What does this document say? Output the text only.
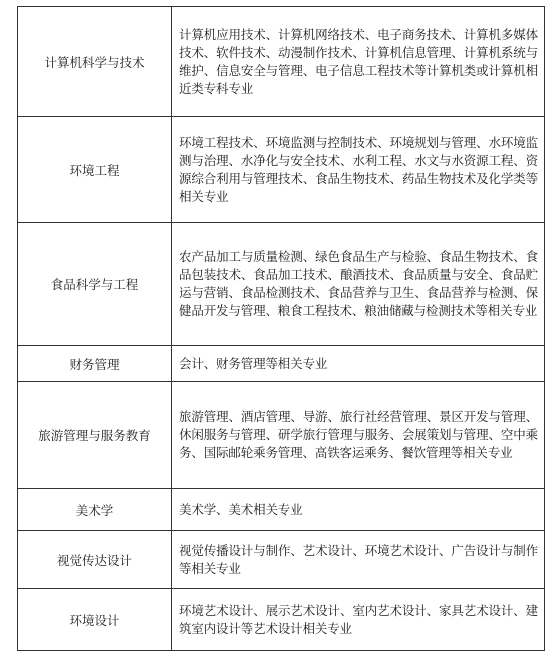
计算机科学与技术	计算机应用技术、计算机网络技术、电子商务技术、计算机多媒体技术、软件技术、动漫制作技术、计算机信息管理、计算机系统与维护、信息安全与管理、电子信息工程技术等计算机类或计算机相近类专科专业
环境工程	环境工程技术、环境监测与控制技术、环境规划与管理、水环境监测与治理、水净化与安全技术、水利工程、水文与水资源工程、资源综合利用与管理技术、食品生物技术、药品生物技术及化学类等相关专业
食品科学与工程	农产品加工与质量检测、绿色食品生产与检验、食品生物技术、食品包装技术、食品加工技术、酿酒技术、食品质量与安全、食品贮运与营销、食品检测技术、食品营养与卫生、食品营养与检测、保健品开发与管理、粮食工程技术、粮油储藏与检测技术等相关专业
财务管理	会计、财务管理等相关专业
旅游管理与服务教育	旅游管理、酒店管理、导游、旅行社经营管理、景区开发与管理、休闲服务与管理、研学旅行管理与服务、会展策划与管理、空中乘务、国际邮轮乘务管理、高铁客运乘务、餐饮管理等相关专业
美术学	美术学、美术相关专业
视觉传达设计	视觉传播设计与制作、艺术设计、环境艺术设计、广告设计与制作等相关专业
环境设计	环境艺术设计、展示艺术设计、室内艺术设计、家具艺术设计、建筑室内设计等艺术设计相关专业
